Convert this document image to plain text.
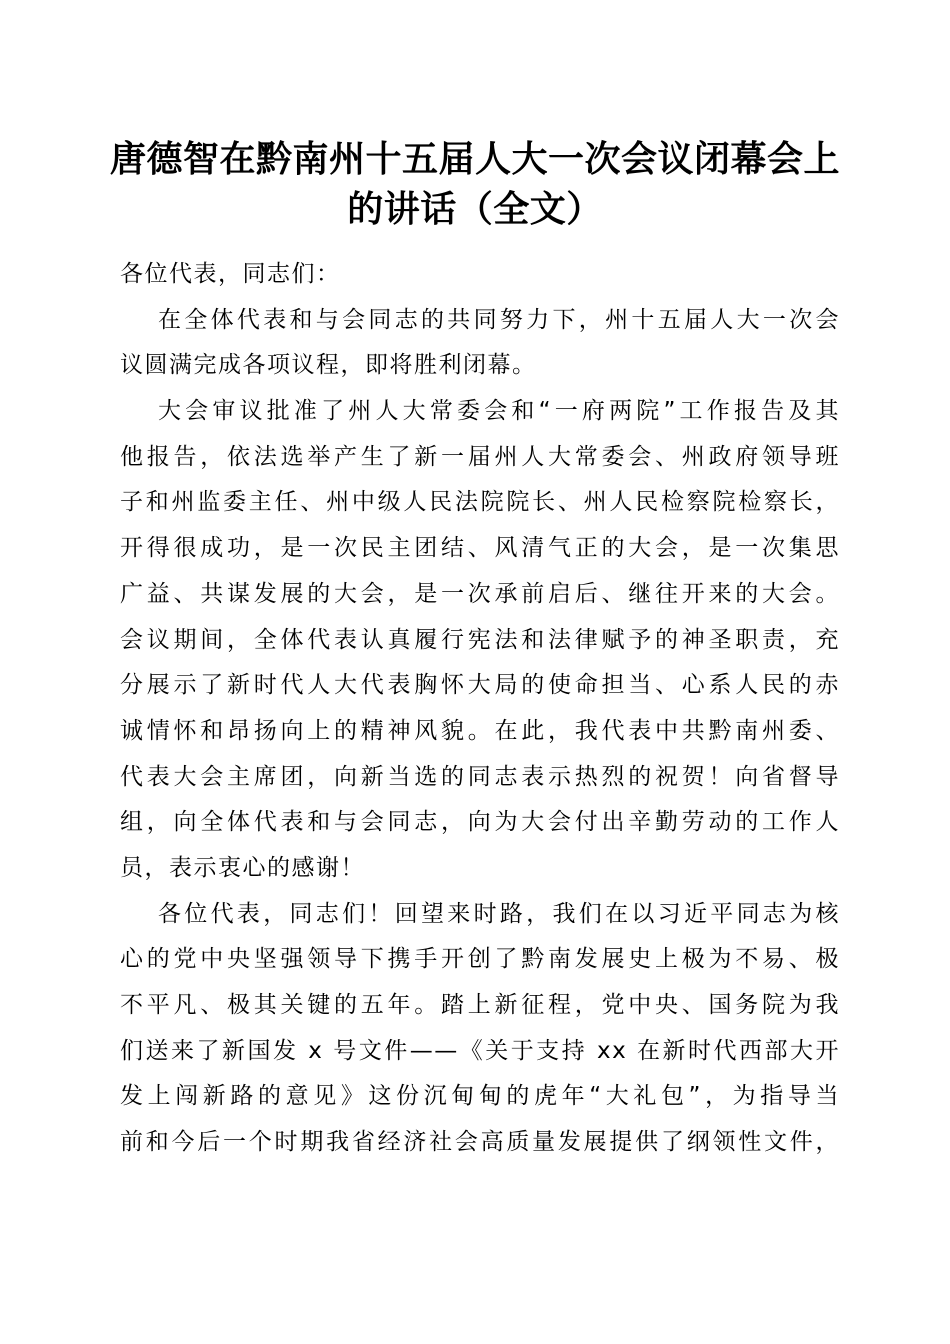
唐德智在黔南州十五届人大一次会议闭幕会上
的讲话（全文）
各位代表，同志们：
在全体代表和与会同志的共同努力下，州十五届人大一次会
议圆满完成各项议程，即将胜利闭幕。
大会审议批准了州人大常委会和“一府两院”工作报告及其
他报告，依法选举产生了新一届州人大常委会、州政府领导班
子和州监委主任、州中级人民法院院长、州人民检察院检察长，
开得很成功，是一次民主团结、风清气正的大会，是一次集思
广益、共谋发展的大会，是一次承前启后、继往开来的大会。
会议期间，全体代表认真履行宪法和法律赋予的神圣职责，充
分展示了新时代人大代表胸怀大局的使命担当、心系人民的赤
诚情怀和昂扬向上的精神风貌。在此，我代表中共黔南州委、
代表大会主席团，向新当选的同志表示热烈的祝贺！向省督导
组，向全体代表和与会同志，向为大会付出辛勤劳动的工作人
员，表示衷心的感谢！
各位代表，同志们！回望来时路，我们在以习近平同志为核
心的党中央坚强领导下携手开创了黔南发展史上极为不易、极
不平凡、极其关键的五年。踏上新征程，党中央、国务院为我
们送来了新国发 x 号文件——《关于支持 xx 在新时代西部大开
发上闯新路的意见》这份沉甸甸的虎年“大礼包”，为指导当
前和今后一个时期我省经济社会高质量发展提供了纲领性文件，
